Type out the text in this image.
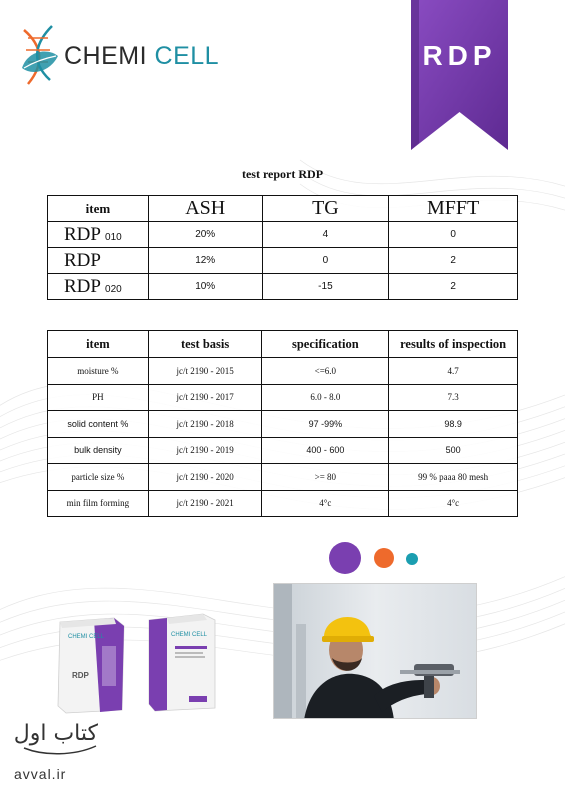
CHEMI CELL	RDP
test report RDP
item	ASH	TG	MFFT
RDP 010	20%	4	0
RDP	12%	0	2
RDP 020	10%	-15	2
item	test basis	specification	results of inspection
moisture %	jc/t 2190 - 2015	<=6.0	4.7
PH	jc/t 2190 - 2017	6.0 - 8.0	7.3
solid content %	jc/t 2190 - 2018	97 -99%	98.9
bulk density	jc/t 2190 - 2019	400 - 600	500
particle size %	jc/t 2190 - 2020	>= 80	99 % paaa 80 mesh
min film forming	jc/t 2190 - 2021	4°c	4°c
CHEMI CELL
RDP
CHEMI CELL
کتاب اول
avval.ir
